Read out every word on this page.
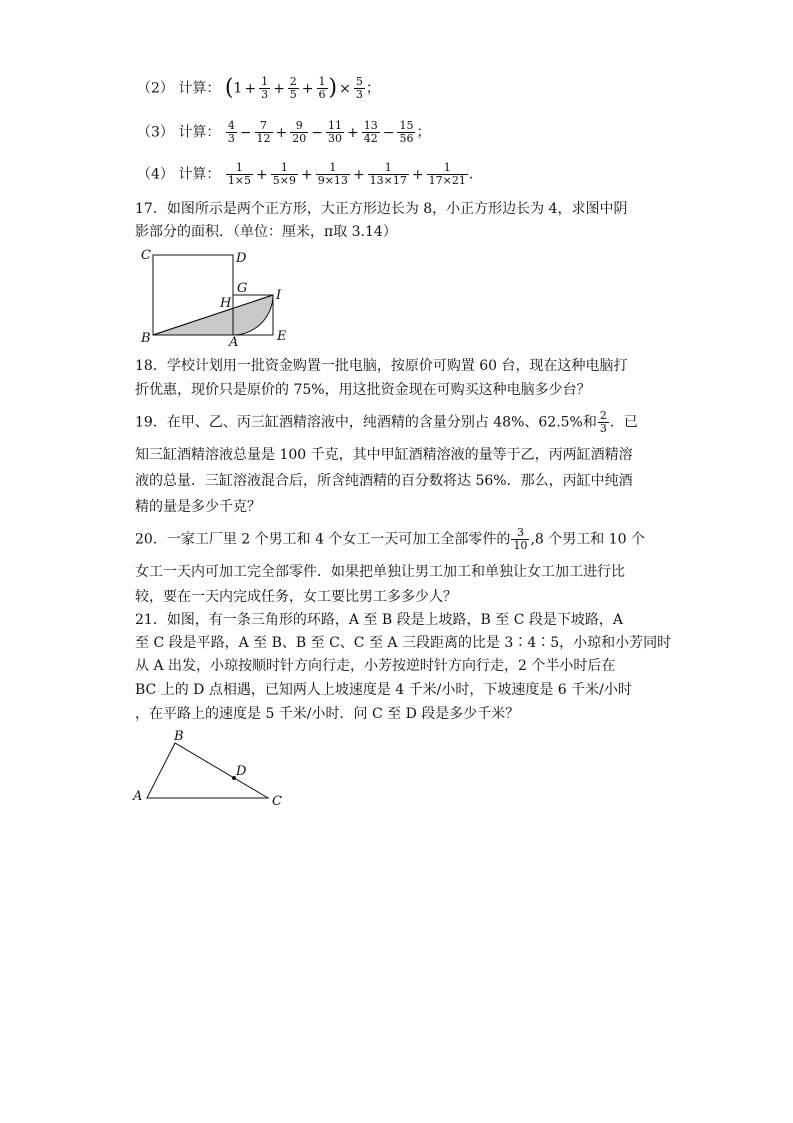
（2） 计算： ($1 + \frac{1}{3} + \frac{2}{5} + \frac{1}{6}$ ) × $\frac{5}{3}$ ；
（3） 计算： $\frac{4}{3} - \frac{7}{12} + \frac{9}{20} - \frac{11}{30} + \frac{13}{42} - \frac{15}{56}$ ；
（4） 计算： $\frac{1}{1\times 5} + \frac{1}{5\times 9} + \frac{1}{9\times 13} + \frac{1}{13\times 17} + \frac{1}{17\times 21}$ ．
17．如图所示是两个正方形，大正方形边长为 8，小正方形边长为 4，求图中阴
影部分的面积．（单位：厘米，π取 3.14）
C	D
G
H
I
B	A	E
18．学校计划用一批资金购置一批电脑，按原价可购置 60 台，现在这种电脑打
折优惠，现价只是原价的 75%，用这批资金现在可购买这种电脑多少台？
19．在甲、乙、丙三缸酒精溶液中，纯酒精的含量分别占 48%、62.5%和 $\frac{2}{3}$ ．已
知三缸酒精溶液总量是 100 千克，其中甲缸酒精溶液的量等于乙，丙两缸酒精溶
液的总量．三缸溶液混合后，所含纯酒精的百分数将达 56%．那么，丙缸中纯酒
精的量是多少千克？
20．一家工厂里 2 个男工和 4 个女工一天可加工全部零件的 $\frac{3}{10} ,8$ 个男工和 10 个
女工一天内可加工完全部零件．如果把单独让男工加工和单独让女工加工进行比
较，要在一天内完成任务，女工要比男工多多少人？
21．如图，有一条三角形的环路，A 至 B 段是上坡路，B 至 C 段是下坡路，A
至 C 段是平路，A 至 B、B 至 C、C 至 A 三段距离的比是 3∶4∶5，小琼和小芳同时
从 A 出发，小琼按顺时针方向行走，小芳按逆时针方向行走，2 个半小时后在
BC 上的 D 点相遇，已知两人上坡速度是 4 千米/小时，下坡速度是 6 千米/小时
，在平路上的速度是 5 千米/小时．问 C 至 D 段是多少千米？
B
D
A	C
